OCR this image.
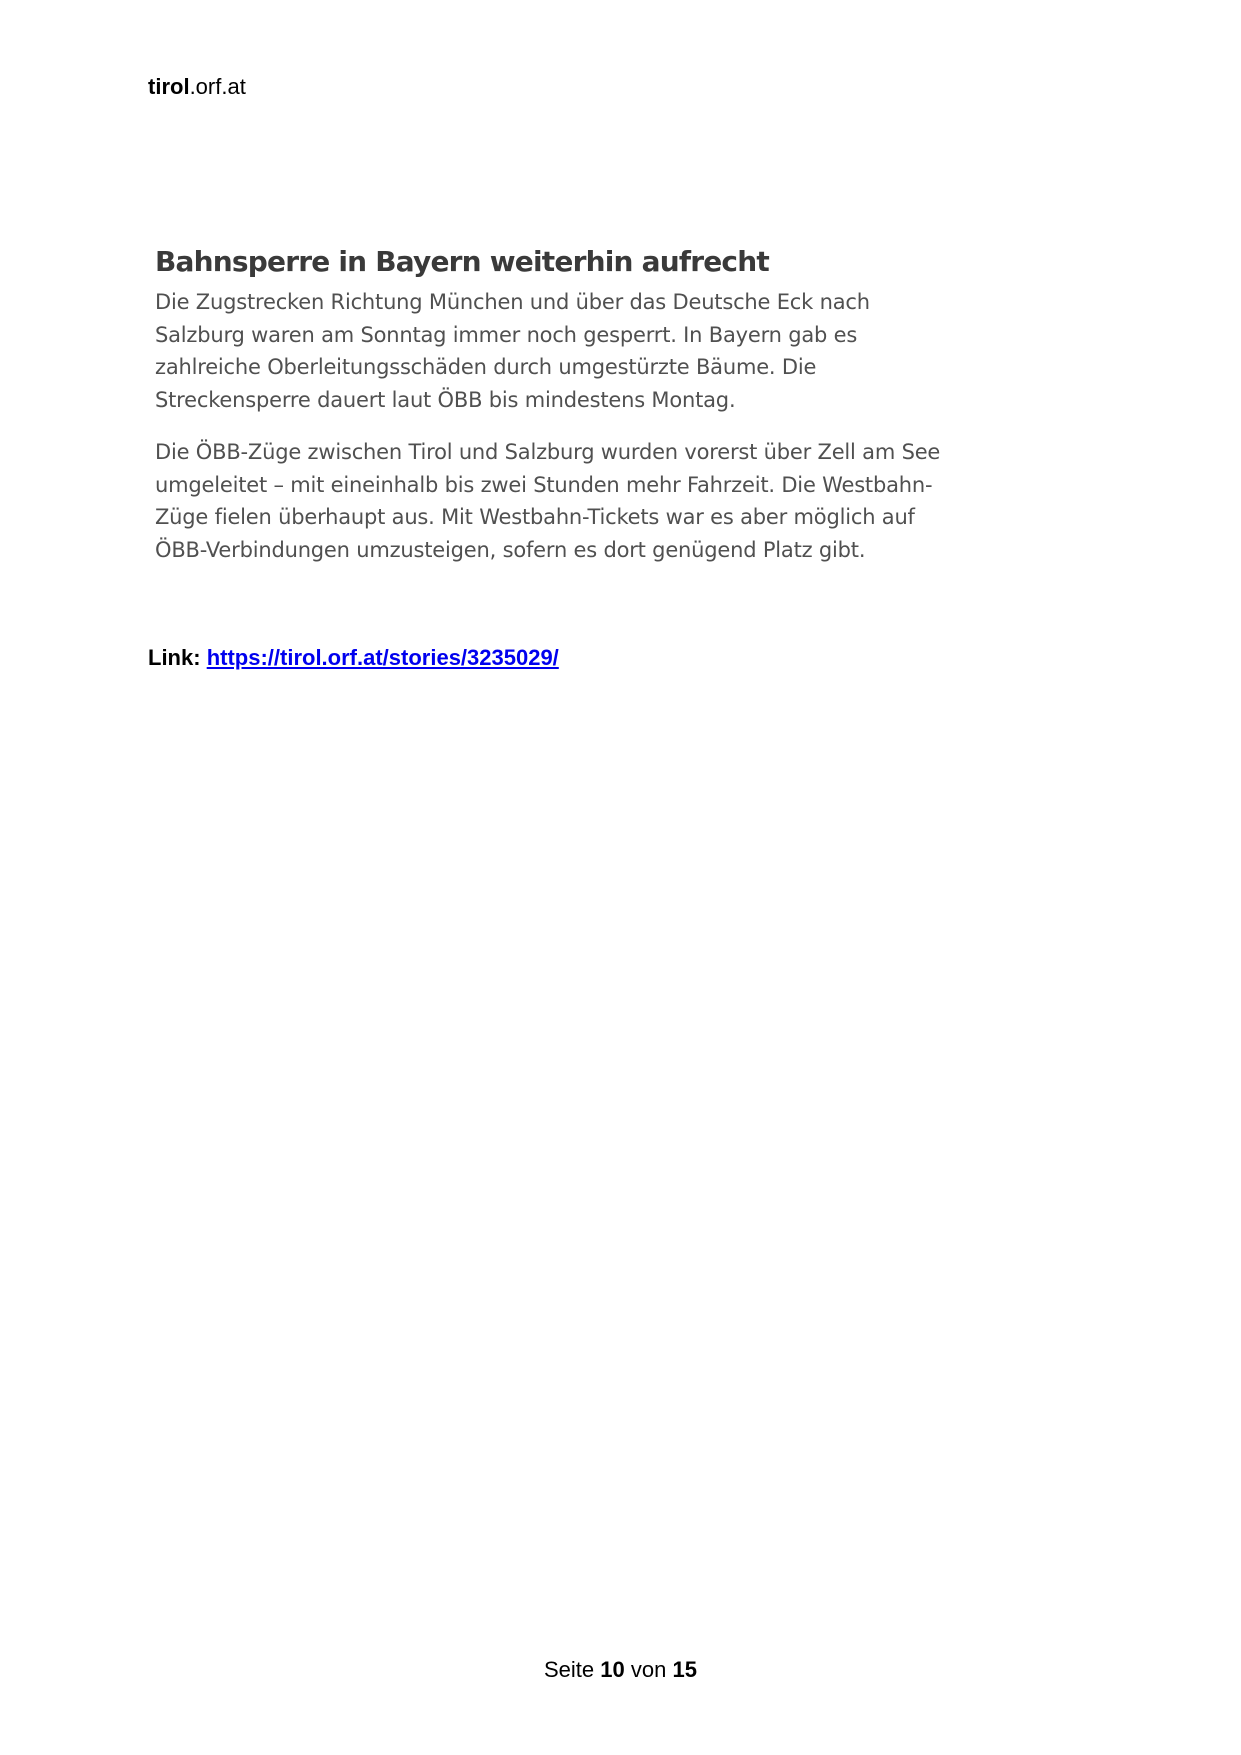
tirol.orf.at
Bahnsperre in Bayern weiterhin aufrecht

Die Zugstrecken Richtung München und über das Deutsche Eck nach Salzburg waren am Sonntag immer noch gesperrt. In Bayern gab es zahlreiche Oberleitungsschäden durch umgestürzte Bäume. Die Streckensperre dauert laut ÖBB bis mindestens Montag.

Die ÖBB-Züge zwischen Tirol und Salzburg wurden vorerst über Zell am See umgeleitet – mit eineinhalb bis zwei Stunden mehr Fahrzeit. Die Westbahn-Züge fielen überhaupt aus. Mit Westbahn-Tickets war es aber möglich auf ÖBB-Verbindungen umzusteigen, sofern es dort genügend Platz gibt.

Link: https://tirol.orf.at/stories/3235029/
Seite 10 von 15
